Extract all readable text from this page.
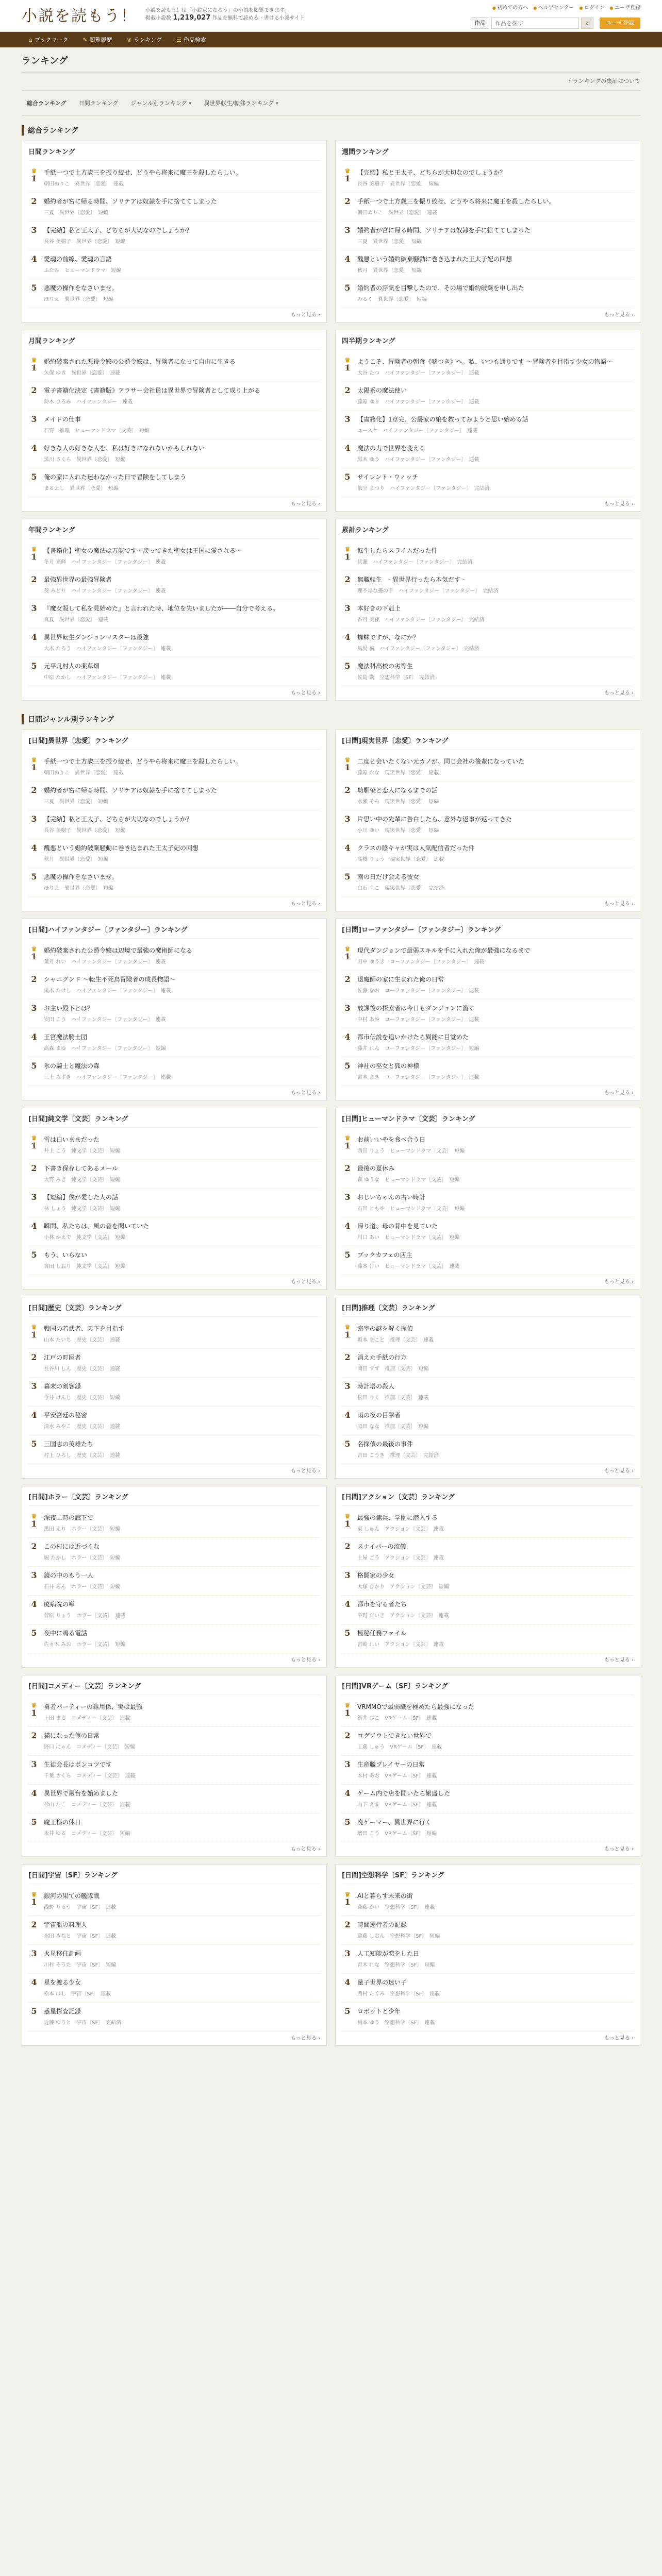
小説を読もう！ 小説を読もう！は「小説家になろう」の小説を閲覧できます。
掲載小説数 1,219,027 作品を無料で読める・書ける小説サイト
● 初めての方へ	● ヘルプセンター	● ログイン	● ユーザ登録
作品
作品を探す	⌕	ユーザ登録
⌂ ブックマーク	✎ 閲覧履歴	♛ ランキング	☰ 作品検索
ランキング
› ランキングの集計について
総合ランキング	日間ランキング	ジャンル別ランキング ▾	異世界転生/転移ランキング ▾
総合ランキング
日間ランキング
♛ 1
手紙一つで土方歳三を振り絞せ、どうやら将来に魔王を殺したらしい。
朝田ぬりこ　異世界〔恋愛〕　連載
2	婚約者が宮に帰る時間、ソリテアは奴隷を手に捨ててしまった
三夏　異世界〔恋愛〕　短編
3	【完結】私と王太子、どちらが大切なのでしょうか？
長谷 美樹子　異世界〔恋愛〕　短編
4	愛魂の前線、愛魂の言語
ふたみ　ヒューマンドラマ　短編
5	悪魔の操作をなさいませ。
ほりえ　異世界〔恋愛〕　短編
もっと見る ›
週間ランキング
♛ 1
【完結】私と王太子、どちらが大切なのでしょうか？
長谷 美樹子　異世界〔恋愛〕　短編
2	手紙一つで土方歳三を振り絞せ、どうやら将来に魔王を殺したらしい。
朝田ぬりこ　異世界〔恋愛〕　連載
3	婚約者が宮に帰る時間、ソリテアは奴隷を手に捨ててしまった
三夏　異世界〔恋愛〕　短編
4	醜悪という婚約破棄騒動に巻き込まれた王太子妃の回想
秋月　異世界〔恋愛〕　短編
5	婚約者の浮気を目撃したので、その場で婚約破棄を申し出た
みるく　異世界〔恋愛〕　短編
もっと見る ›
月間ランキング
♛ 1
婚約破棄された悪役令嬢の公爵令嬢は、冒険者になって自由に生きる
久保 ゆき　異世界〔恋愛〕　連載
2	電子書籍化決定《書籍版》アラサー会社員は異世界で冒険者として成り上がる
鈴木 ひろみ　ハイファンタジー　連載
3	メイドの仕事
石野　推理　ヒューマンドラマ〔文芸〕　短編
4	好きな人の好きな人を、私は好きになれないかもしれない
黒川 さくら　異世界〔恋愛〕　短編
5	俺の家に入れた迷わなかった日で冒険をしてしまう
まるよし　異世界〔恋愛〕　短編
もっと見る ›
四半期ランキング
♛ 1
ようこそ、冒険者の朝食《嘘つき》へ。私、いつも通りです ～冒険者を目指す少女の物語～
大谷 たつ　ハイファンタジー〔ファンタジー〕　連載
2	太陽系の魔法使い
藤原 ゆり　ハイファンタジー〔ファンタジー〕　連載
3	【書籍化】1章完、公爵家の娘を救ってみようと思い始める話
ユースケ　ハイファンタジー〔ファンタジー〕　連載
4	魔法の力で世界を変える
黒木 ゆう　ハイファンタジー〔ファンタジー〕　連載
5	サイレント・ウィッチ
依空 まつり　ハイファンタジー〔ファンタジー〕　完結済
もっと見る ›
年間ランキング
♛ 1
【書籍化】聖女の魔法は万能です～戻ってきた聖女は王国に愛される～
冬月 光輝　ハイファンタジー〔ファンタジー〕　連載
2	最強異世界の最強冒険者
葵 みどり　ハイファンタジー〔ファンタジー〕　連載
3	『魔女殺して私を見始めた』と言われた時、地位を失いましたが――自分で考える。
真夏　異世界〔恋愛〕　連載
4	異世界転生ダンジョンマスターは最強
大木 たろう　ハイファンタジー〔ファンタジー〕　連載
5	元平凡村人の薬草畑
中原 たかし　ハイファンタジー〔ファンタジー〕　連載
もっと見る ›
累計ランキング
♛ 1
転生したらスライムだった件
伏瀬　ハイファンタジー〔ファンタジー〕　完結済
2	無職転生　- 異世界行ったら本気だす -
理不尽な孫の手　ハイファンタジー〔ファンタジー〕　完結済
3	本好きの下剋上
香月 美夜　ハイファンタジー〔ファンタジー〕　完結済
4	蜘蛛ですが、なにか？
馬場 翁　ハイファンタジー〔ファンタジー〕　完結済
5	魔法科高校の劣等生
佐島 勤　空想科学〔SF〕　完結済
もっと見る ›
日間ジャンル別ランキング
[日間]異世界〔恋愛〕ランキング
♛ 1
手紙一つで土方歳三を振り絞せ、どうやら将来に魔王を殺したらしい。
朝田ぬりこ　異世界〔恋愛〕　連載
2	婚約者が宮に帰る時間、ソリテアは奴隷を手に捨ててしまった
三夏　異世界〔恋愛〕　短編
3	【完結】私と王太子、どちらが大切なのでしょうか？
長谷 美樹子　異世界〔恋愛〕　短編
4	醜悪という婚約破棄騒動に巻き込まれた王太子妃の回想
秋月　異世界〔恋愛〕　短編
5	悪魔の操作をなさいませ。
ほりえ　異世界〔恋愛〕　短編
もっと見る ›
[日間]現実世界〔恋愛〕ランキング
♛ 1
二度と会いたくない元カノが、同じ会社の後輩になっていた
藤原 かな　現実世界〔恋愛〕　連載
2	幼馴染と恋人になるまでの話
水瀬 そら　現実世界〔恋愛〕　短編
3	片思い中の先輩に告白したら、意外な返事が返ってきた
小川 ゆい　現実世界〔恋愛〕　短編
4	クラスの陰キャが実は人気配信者だった件
高橋 りょう　現実世界〔恋愛〕　連載
5	雨の日だけ会える彼女
白石 まこ　現実世界〔恋愛〕　完結済
もっと見る ›
[日間]ハイファンタジー〔ファンタジー〕ランキング
♛ 1
婚約破棄された公爵令嬢は辺境で最強の魔術師になる
葉月 れい　ハイファンタジー〔ファンタジー〕　連載
2	シャニグンド ～転生不死鳥冒険者の成長物語～
黒木 たけし　ハイファンタジー〔ファンタジー〕　連載
3	お主い殿下とは？
安田 こう　ハイファンタジー〔ファンタジー〕　連載
4	王宮魔法騎士団
高森 まゆ　ハイファンタジー〔ファンタジー〕　短編
5	氷の騎士と魔法の森
三上 みずき　ハイファンタジー〔ファンタジー〕　連載
もっと見る ›
[日間]ローファンタジー〔ファンタジー〕ランキング
♛ 1
現代ダンジョンで最弱スキルを手に入れた俺が最強になるまで
田中 ゆうき　ローファンタジー〔ファンタジー〕　連載
2	退魔師の家に生まれた俺の日常
佐藤 なお　ローファンタジー〔ファンタジー〕　連載
3	放課後の探索者は今日もダンジョンに潜る
中村 あや　ローファンタジー〔ファンタジー〕　連載
4	都市伝説を追いかけたら異能に目覚めた
藤井 れん　ローファンタジー〔ファンタジー〕　短編
5	神社の巫女と狐の神様
宮本 さき　ローファンタジー〔ファンタジー〕　連載
もっと見る ›
[日間]純文学〔文芸〕ランキング
♛ 1
雪は白いままだった
井上 こう　純文学〔文芸〕　短編
2	下書き保存してあるメール
大野 みき　純文学〔文芸〕　短編
3	【短編】僕が愛した人の話
林 しょう　純文学〔文芸〕　短編
4	瞬間、私たちは、風の音を聞いていた
小林 かえで　純文学〔文芸〕　短編
5	もう、いらない
宮田 しおり　純文学〔文芸〕　短編
もっと見る ›
[日間]ヒューマンドラマ〔文芸〕ランキング
♛ 1
お前いいやを食べ合う日
西田 りょう　ヒューマンドラマ〔文芸〕　短編
2	最後の夏休み
森 ゆうな　ヒューマンドラマ〔文芸〕　短編
3	おじいちゃんの古い時計
石田 ともや　ヒューマンドラマ〔文芸〕　短編
4	帰り道、母の背中を見ていた
川口 あい　ヒューマンドラマ〔文芸〕　短編
5	ブックカフェの店主
藤本 けい　ヒューマンドラマ〔文芸〕　連載
もっと見る ›
[日間]歴史〔文芸〕ランキング
♛ 1
戦国の若武者、天下を目指す
山本 たいち　歴史〔文芸〕　連載
2	江戸の町医者
長谷川 しん　歴史〔文芸〕　連載
3	幕末の剣客録
今井 けんじ　歴史〔文芸〕　短編
4	平安宮廷の秘密
清水 みやこ　歴史〔文芸〕　連載
5	三国志の英雄たち
村上 ひろし　歴史〔文芸〕　連載
もっと見る ›
[日間]推理〔文芸〕ランキング
♛ 1
密室の謎を解く探偵
坂本 まこと　推理〔文芸〕　連載
2	消えた手紙の行方
岡田 すず　推理〔文芸〕　短編
3	時計塔の殺人
松田 りく　推理〔文芸〕　連載
4	雨の夜の目撃者
原田 なな　推理〔文芸〕　短編
5	名探偵の最後の事件
吉田 こうき　推理〔文芸〕　完結済
もっと見る ›
[日間]ホラー〔文芸〕ランキング
♛ 1
深夜二時の廊下で
黒田 えり　ホラー〔文芸〕　短編
2	この村には近づくな
堀 たかし　ホラー〔文芸〕　短編
3	鏡の中のもう一人
石井 あん　ホラー〔文芸〕　短編
4	廃病院の噂
菅原 りょう　ホラー〔文芸〕　連載
5	夜中に鳴る電話
佐々木 みお　ホラー〔文芸〕　短編
もっと見る ›
[日間]アクション〔文芸〕ランキング
♛ 1
最強の傭兵、学園に潜入する
東 しゅん　アクション〔文芸〕　連載
2	スナイパーの流儀
土屋 ごう　アクション〔文芸〕　連載
3	格闘家の少女
大塚 ひかり　アクション〔文芸〕　短編
4	都市を守る者たち
平野 だいき　アクション〔文芸〕　連載
5	極秘任務ファイル
宮崎 れい　アクション〔文芸〕　連載
もっと見る ›
[日間]コメディー〔文芸〕ランキング
♛ 1
勇者パーティーの雑用係、実は最強
上田 まる　コメディー〔文芸〕　連載
2	猫になった俺の日常
野口 にゃん　コメディー〔文芸〕　短編
3	生徒会長はポンコツです
千葉 さくら　コメディー〔文芸〕　連載
4	異世界で屋台を始めました
杉山 たこ　コメディー〔文芸〕　連載
5	魔王様の休日
永井 ゆる　コメディー〔文芸〕　短編
もっと見る ›
[日間]VRゲーム〔SF〕ランキング
♛ 1
VRMMOで最弱職を極めたら最強になった
新井 ぴこ　VRゲーム〔SF〕　連載
2	ログアウトできない世界で
工藤 しゅう　VRゲーム〔SF〕　連載
3	生産職プレイヤーの日常
木村 あお　VRゲーム〔SF〕　連載
4	ゲーム内で店を開いたら繁盛した
山下 えま　VRゲーム〔SF〕　連載
5	廃ゲーマー、異世界に行く
増田 こう　VRゲーム〔SF〕　短編
もっと見る ›
[日間]宇宙〔SF〕ランキング
♛ 1
銀河の果ての艦隊戦
浅野 りゅう　宇宙〔SF〕　連載
2	宇宙船の料理人
福田 みなと　宇宙〔SF〕　連載
3	火星移住計画
川村 そうた　宇宙〔SF〕　短編
4	星を渡る少女
松本 ほし　宇宙〔SF〕　連載
5	惑星探査記録
近藤 ゆうと　宇宙〔SF〕　完結済
もっと見る ›
[日間]空想科学〔SF〕ランキング
♛ 1
AIと暮らす未来の街
斎藤 かい　空想科学〔SF〕　連載
2	時間遡行者の記録
遠藤 しおん　空想科学〔SF〕　短編
3	人工知能が恋をした日
青木 れな　空想科学〔SF〕　短編
4	量子世界の迷い子
西村 たくみ　空想科学〔SF〕　連載
5	ロボットと少年
橋本 ゆう　空想科学〔SF〕　連載
もっと見る ›
